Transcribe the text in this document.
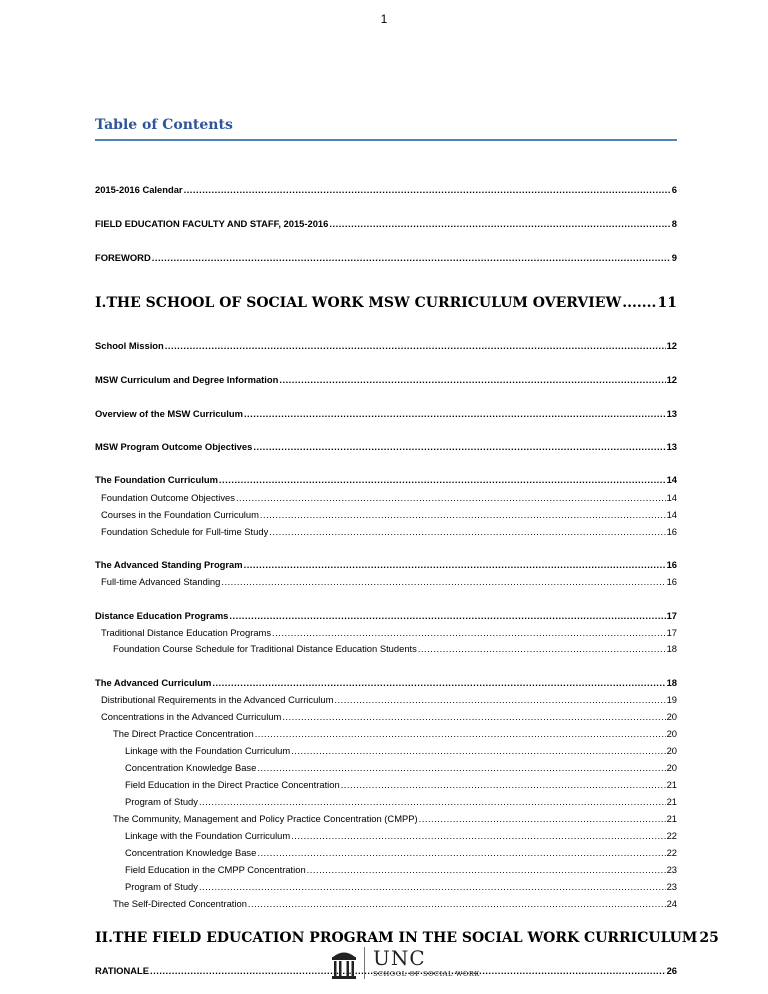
1
Table of Contents
2015-2016 Calendar .....	6
FIELD EDUCATION FACULTY AND STAFF, 2015-2016 .....	8
FOREWORD .....	9
I. THE SCHOOL OF SOCIAL WORK MSW CURRICULUM OVERVIEW .....	11
School Mission .....	12
MSW Curriculum and Degree Information .....	12
Overview of the MSW Curriculum .....	13
MSW Program Outcome Objectives .....	13
The Foundation Curriculum .....	14
Foundation Outcome Objectives .....	14
Courses in the Foundation Curriculum .....	14
Foundation Schedule for Full-time Study .....	16
The Advanced Standing Program .....	16
Full-time Advanced Standing .....	16
Distance Education Programs .....	17
Traditional Distance Education Programs .....	17
Foundation Course Schedule for Traditional Distance Education Students .....	18
The Advanced Curriculum .....	18
Distributional Requirements in the Advanced Curriculum .....	19
Concentrations in the Advanced Curriculum .....	20
The Direct Practice Concentration .....	20
Linkage with the Foundation Curriculum .....	20
Concentration Knowledge Base .....	20
Field Education in the Direct Practice Concentration .....	21
Program of Study .....	21
The Community, Management and Policy Practice Concentration (CMPP) .....	21
Linkage with the Foundation Curriculum .....	22
Concentration Knowledge Base .....	22
Field Education in the CMPP Concentration .....	23
Program of Study .....	23
The Self-Directed Concentration .....	24
II. THE FIELD EDUCATION PROGRAM IN THE SOCIAL WORK CURRICULUM 25
RATIONALE .....	26
UNC
SCHOOL OF SOCIAL WORK
